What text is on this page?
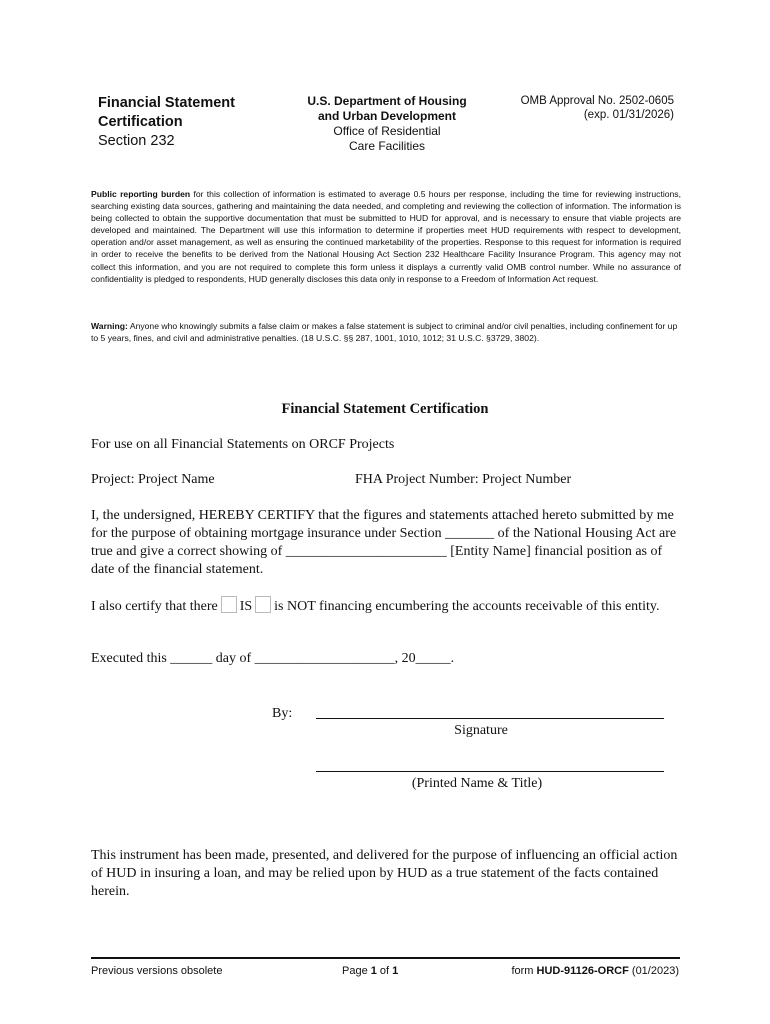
Financial Statement Certification
Section 232
U.S. Department of Housing
and Urban Development
Office of Residential
Care Facilities
OMB Approval No. 2502-0605
(exp. 01/31/2026)
Public reporting burden for this collection of information is estimated to average 0.5 hours per response, including the time for reviewing instructions, searching existing data sources, gathering and maintaining the data needed, and completing and reviewing the collection of information. The information is being collected to obtain the supportive documentation that must be submitted to HUD for approval, and is necessary to ensure that viable projects are developed and maintained. The Department will use this information to determine if properties meet HUD requirements with respect to development, operation and/or asset management, as well as ensuring the continued marketability of the properties. Response to this request for information is required in order to receive the benefits to be derived from the National Housing Act Section 232 Healthcare Facility Insurance Program. This agency may not collect this information, and you are not required to complete this form unless it displays a currently valid OMB control number. While no assurance of confidentiality is pledged to respondents, HUD generally discloses this data only in response to a Freedom of Information Act request.
Warning: Anyone who knowingly submits a false claim or makes a false statement is subject to criminal and/or civil penalties, including confinement for up to 5 years, fines, and civil and administrative penalties. (18 U.S.C. §§ 287, 1001, 1010, 1012; 31 U.S.C. §3729, 3802).
Financial Statement Certification
For use on all Financial Statements on ORCF Projects
Project: Project Name	FHA Project Number: Project Number
I, the undersigned, HEREBY CERTIFY that the figures and statements attached hereto submitted by me for the purpose of obtaining mortgage insurance under Section _______ of the National Housing Act are true and give a correct showing of _______________________ [Entity Name] financial position as of date of the financial statement.
I also certify that there IS is NOT financing encumbering the accounts receivable of this entity.
Executed this ______ day of ____________________, 20_____.
By:
Signature
(Printed Name & Title)
This instrument has been made, presented, and delivered for the purpose of influencing an official action of HUD in insuring a loan, and may be relied upon by HUD as a true statement of the facts contained herein.
Previous versions obsolete	Page 1 of 1	form HUD-91126-ORCF (01/2023)
